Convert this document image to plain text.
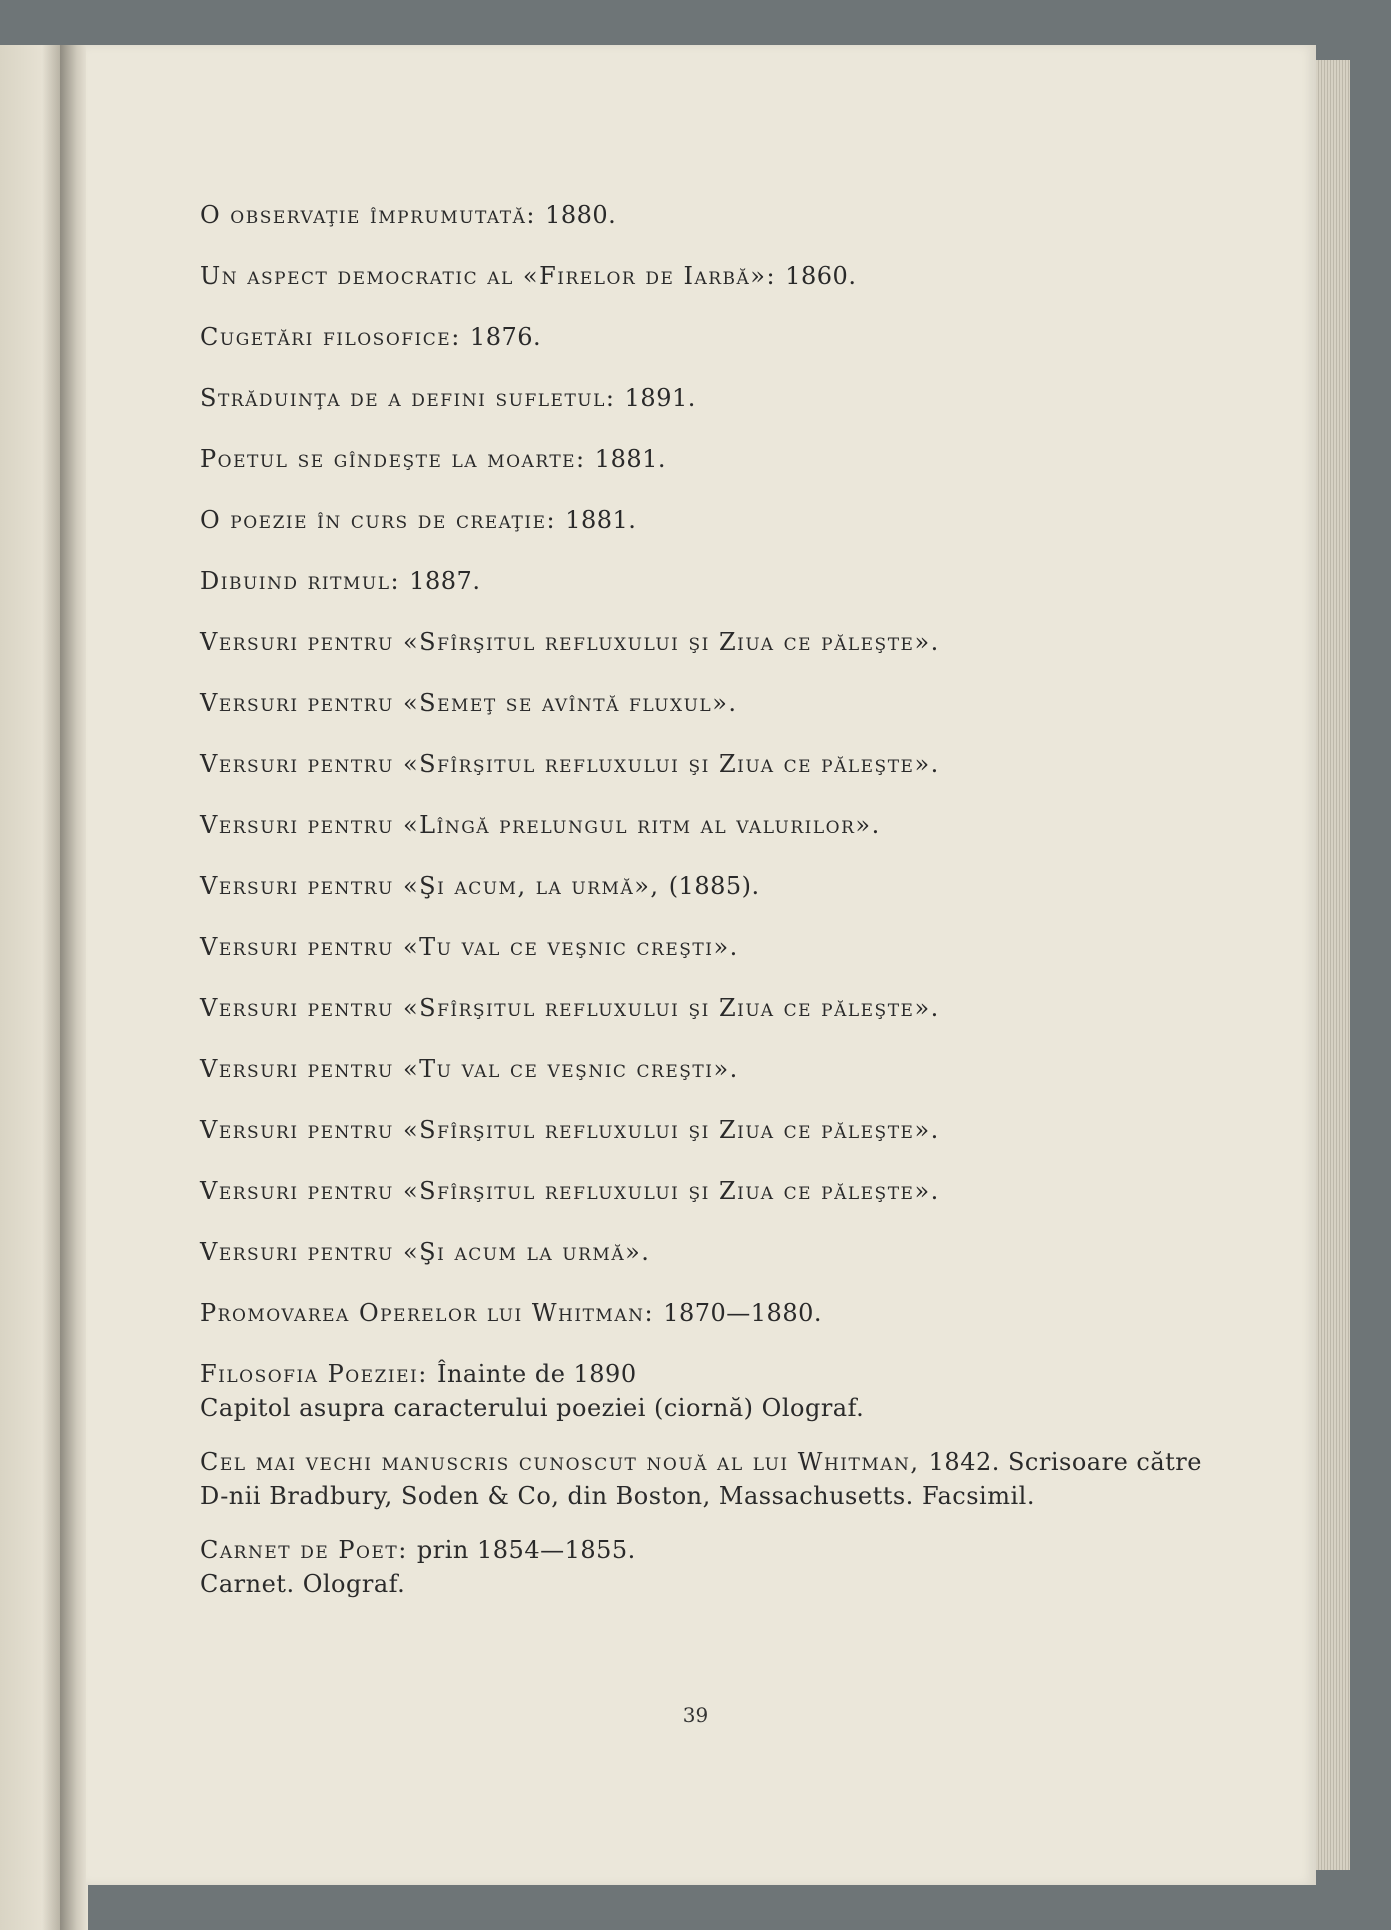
O observaţie împrumutată: 1880.
Un aspect democratic al «Firelor de Iarbă»: 1860.
Cugetări filosofice: 1876.
Străduinţa de a defini sufletul: 1891.
Poetul se gîndeşte la moarte: 1881.
O poezie în curs de creaţie: 1881.
Dibuind ritmul: 1887.
Versuri pentru «Sfîrşitul refluxului şi Ziua ce păleşte».
Versuri pentru «Semeţ se avîntă fluxul».
Versuri pentru «Sfîrşitul refluxului şi Ziua ce păleşte».
Versuri pentru «Lîngă prelungul ritm al valurilor».
Versuri pentru «Şi acum, la urmă», (1885).
Versuri pentru «Tu val ce veşnic creşti».
Versuri pentru «Sfîrşitul refluxului şi Ziua ce păleşte».
Versuri pentru «Tu val ce veşnic creşti».
Versuri pentru «Sfîrşitul refluxului şi Ziua ce păleşte».
Versuri pentru «Sfîrşitul refluxului şi Ziua ce păleşte».
Versuri pentru «Şi acum la urmă».
Promovarea Operelor lui Whitman: 1870—1880.
Filosofia Poeziei: Înainte de 1890
Capitol asupra caracterului poeziei (ciornă) Olograf.
Cel mai vechi manuscris cunoscut nouă al lui Whitman, 1842. Scrisoare către
D-nii Bradbury, Soden & Co, din Boston, Massachusetts. Facsimil.
Carnet de Poet: prin 1854—1855.
Carnet. Olograf.
39
